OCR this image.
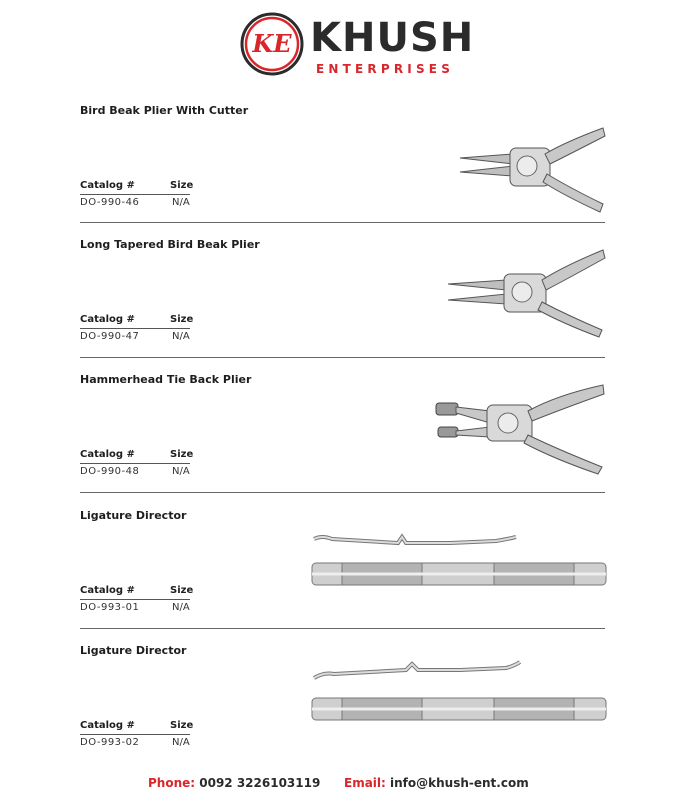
KE KHUSH
ENTERPRISES
Bird Beak Plier With Cutter
Catalog #	Size
DO-990-46	N/A
Long Tapered Bird Beak Plier
Catalog #	Size
DO-990-47	N/A
Hammerhead Tie Back Plier
Catalog #	Size
DO-990-48	N/A
Ligature Director
Catalog #	Size
DO-993-01	N/A
Ligature Director
Catalog #	Size
DO-993-02	N/A
Phone: 0092 3226103119 Email: info@khush-ent.com
